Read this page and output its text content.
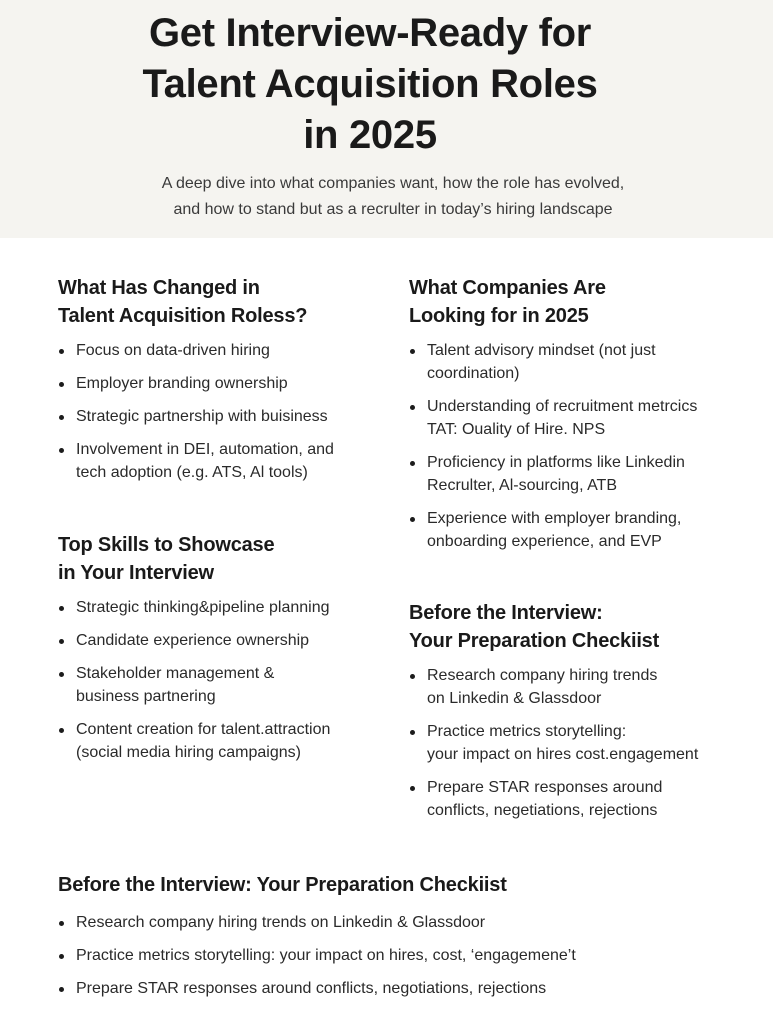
Get Interview-Ready for
Talent Acquisition Roles
in 2025

A deep dive into what companies want, how the role has evolved,
and how to stand but as a recrulter in today’s hiring landscape

What Has Changed in
Talent Acquisition Roless?
Focus on data-driven hiring
Employer branding ownership
Strategic partnership with buisiness
Involvement in DEI, automation, and
tech adoption (e.g. ATS, Al tools)
Top Skills to Showcase
in Your Interview
Strategic thinking&pipeline planning
Candidate experience ownership
Stakeholder management &
business partnering
Content creation for talent.attraction
(social media hiring campaigns)
What Companies Are
Looking for in 2025
Talent advisory mindset (not just
coordination)
Understanding of recruitment metrcics
TAT: Ouality of Hire. NPS
Proficiency in platforms like Linkedin
Recrulter, Al-sourcing, ATB
Experience with employer branding,
onboarding experience, and EVP
Before the Interview:
Your Preparation Checkiist
Research company hiring trends
on Linkedin & Glassdoor
Practice metrics storytelling:
your impact on hires cost.engagement
Prepare STAR responses around
conflicts, negetiations, rejections
Before the Interview: Your Preparation Checkiist
Research company hiring trends on Linkedin & Glassdoor
Practice metrics storytelling: your impact on hires, cost, ‘engagemene’t
Prepare STAR responses around conflicts, negotiations, rejections
